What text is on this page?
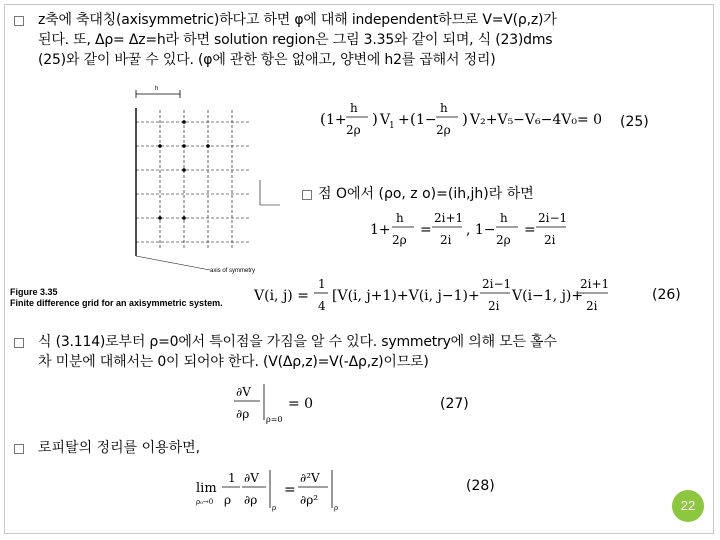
z축에 축대칭(axisymmetric)하다고 하면 φ에 대해 independent하므로 V=V(ρ,z)가
된다. 또, Δρ= Δz=h라 하면 solution region은 그림 3.35와 같이 되며, 식 (23)dms
(25)와 같이 바꿀 수 있다. (φ에 관한 항은 없애고, 양변에 h2를 곱해서 정리)
h
axis of symmetry
Figure 3.35
Finite difference grid for an axisymmetric system.
( 1+
h
2ρ
) V
1 + ( 1−
h
2ρ
) V₂+V₅−V₆−4V₀= 0 (25)
점 O에서 (ρo, z o)=(ih,jh)라 하면
1+
h
2ρ
=
2i+1
2i
, 1−
h
2ρ
=
2i−1
2i
V(i, j) =
1
4
[V(i, j+1)+V(i, j−1)+
2i−1
2i
V(i−1, j)+
2i+1
2i
(26)
식 (3.114)로부터 ρ=0에서 특이점을 가짐을 알 수 있다. symmetry에 의해 모든 홀수
차 미분에 대해서는 0이 되어야 한다. (V(Δρ,z)=V(-Δρ,z)이므로)
∂V
∂ρ ρ=0
= 0	(27)
로피탈의 정리를 이용하면,
lim
ρ₀→0
1
ρ
∂V
∂ρ
ρ
=
∂²V
∂ρ²
ρ
(28)
22
